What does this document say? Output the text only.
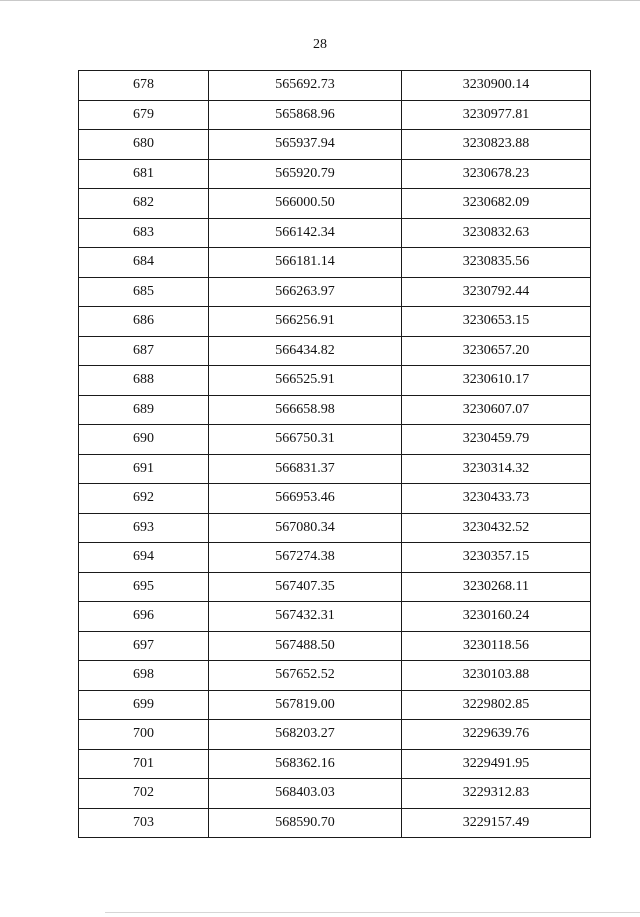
28
678	565692.73	3230900.14
679	565868.96	3230977.81
680	565937.94	3230823.88
681	565920.79	3230678.23
682	566000.50	3230682.09
683	566142.34	3230832.63
684	566181.14	3230835.56
685	566263.97	3230792.44
686	566256.91	3230653.15
687	566434.82	3230657.20
688	566525.91	3230610.17
689	566658.98	3230607.07
690	566750.31	3230459.79
691	566831.37	3230314.32
692	566953.46	3230433.73
693	567080.34	3230432.52
694	567274.38	3230357.15
695	567407.35	3230268.11
696	567432.31	3230160.24
697	567488.50	3230118.56
698	567652.52	3230103.88
699	567819.00	3229802.85
700	568203.27	3229639.76
701	568362.16	3229491.95
702	568403.03	3229312.83
703	568590.70	3229157.49
